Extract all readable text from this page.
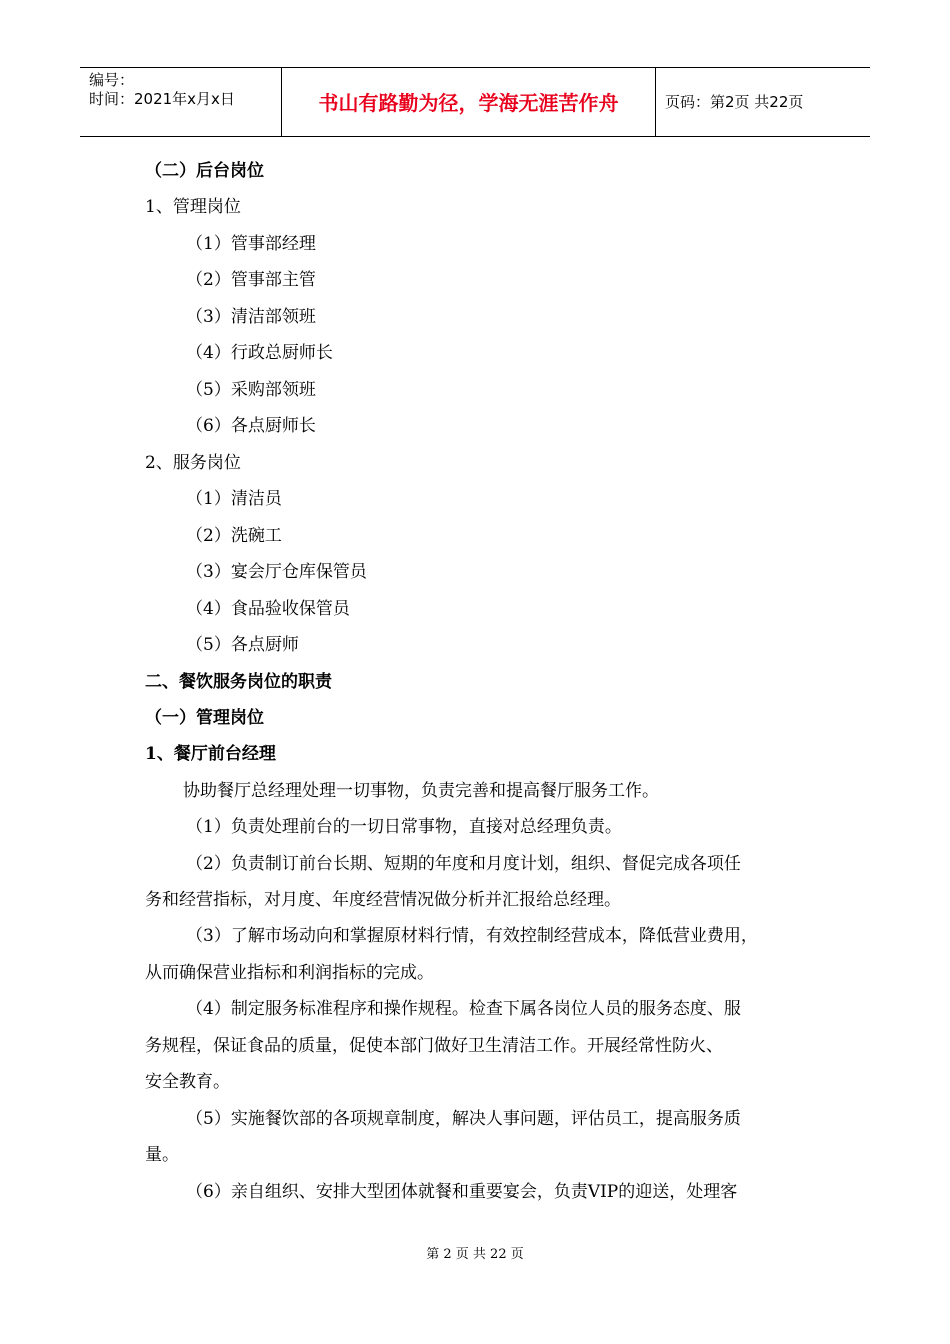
编号：
时间：2021年x月x日	书山有路勤为径，学海无涯苦作舟	页码：第2页 共22页
（二）后台岗位
1、管理岗位
（1）管事部经理
（2）管事部主管
（3）清洁部领班
（4）行政总厨师长
（5）采购部领班
（6）各点厨师长
2、服务岗位
（1）清洁员
（2）洗碗工
（3）宴会厅仓库保管员
（4）食品验收保管员
（5）各点厨师
二、餐饮服务岗位的职责
（一）管理岗位
1、餐厅前台经理
协助餐厅总经理处理一切事物，负责完善和提高餐厅服务工作。
（1）负责处理前台的一切日常事物，直接对总经理负责。
（2）负责制订前台长期、短期的年度和月度计划，组织、督促完成各项任
务和经营指标，对月度、年度经营情况做分析并汇报给总经理。
（3）了解市场动向和掌握原材料行情，有效控制经营成本，降低营业费用，
从而确保营业指标和利润指标的完成。
（4）制定服务标准程序和操作规程。检查下属各岗位人员的服务态度、服
务规程，保证食品的质量，促使本部门做好卫生清洁工作。开展经常性防火、
安全教育。
（5）实施餐饮部的各项规章制度，解决人事问题，评估员工，提高服务质
量。
（6）亲自组织、安排大型团体就餐和重要宴会，负责VIP的迎送，处理客
第 2 页 共 22 页
